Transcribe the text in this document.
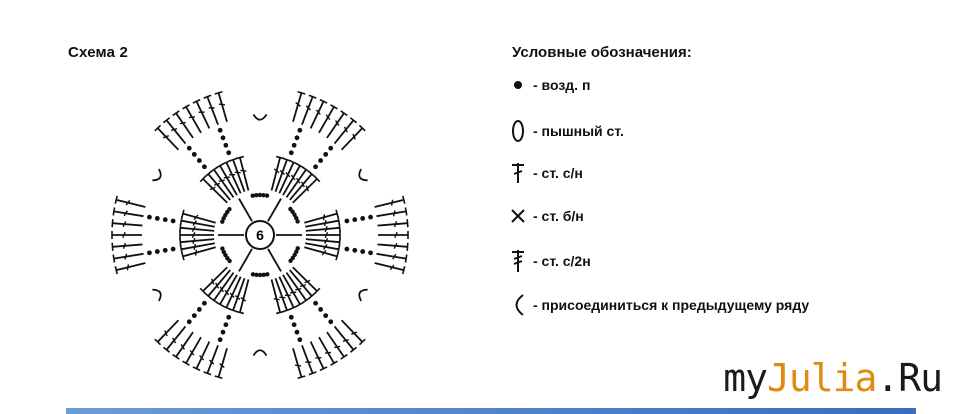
Схема 2
6
Условные обозначения:
- возд. п
- пышный ст.
- ст. с/н
- ст. б/н
- ст. с/2н
- присоединиться к предыдущему ряду
myJulia.Ru
